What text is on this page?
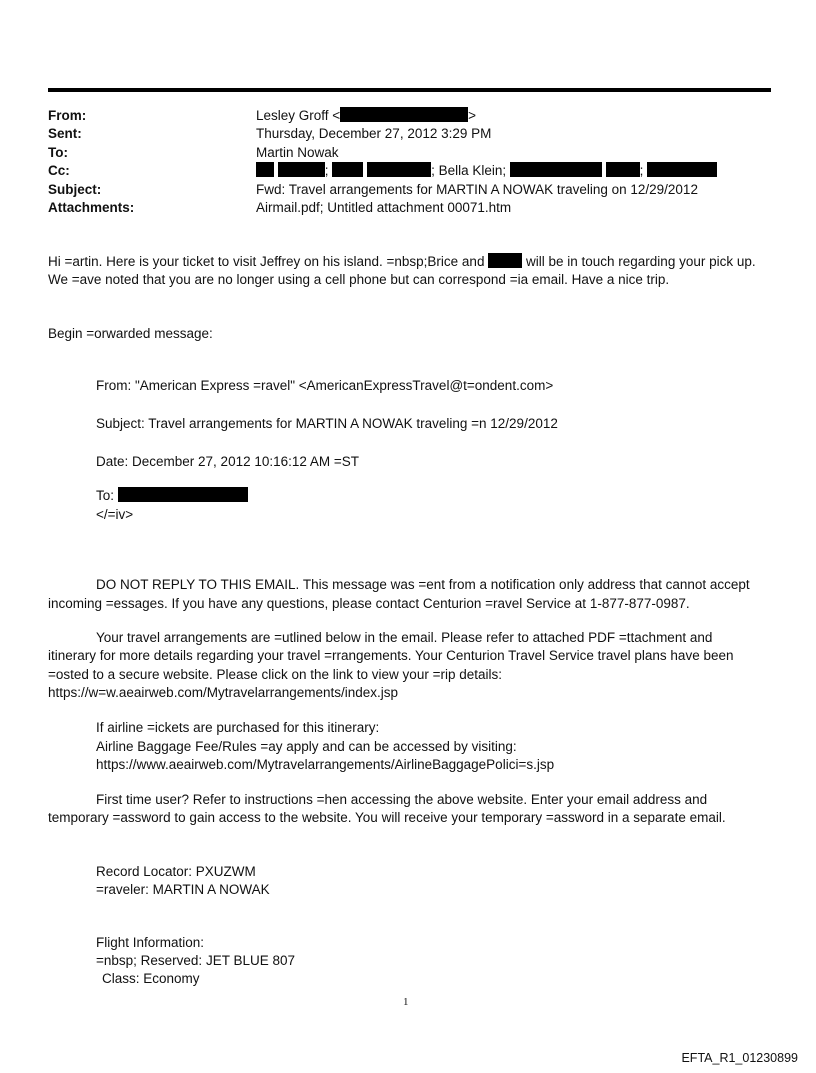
From:	Lesley Groff <	>
Sent:	Thursday, December 27, 2012 3:29 PM
To:	Martin Nowak
Cc:	;	; Bella Klein;	;
Subject:	Fwd: Travel arrangements for MARTIN A NOWAK traveling on 12/29/2012
Attachments:	Airmail.pdf; Untitled attachment 00071.htm
Hi =artin. Here is your ticket to visit Jeffrey on his island. =nbsp;Brice and	will be in touch regarding your pick up.
We =ave noted that you are no longer using a cell phone but can correspond =ia email. Have a nice trip.
Begin =orwarded message:
From: "American Express =ravel" <AmericanExpressTravel@t=ondent.com>
Subject: Travel arrangements for MARTIN A NOWAK traveling =n 12/29/2012
Date: December 27, 2012 10:16:12 AM =ST
To:
</=iv>
DO NOT REPLY TO THIS EMAIL. This message was =ent from a notification only address that cannot accept
incoming =essages. If you have any questions, please contact Centurion =ravel Service at 1-877-877-0987.
Your travel arrangements are =utlined below in the email. Please refer to attached PDF =ttachment and
itinerary for more details regarding your travel =rrangements. Your Centurion Travel Service travel plans have been
=osted to a secure website. Please click on the link to view your =rip details:
https://w=w.aeairweb.com/Mytravelarrangements/index.jsp
If airline =ickets are purchased for this itinerary:
Airline Baggage Fee/Rules =ay apply and can be accessed by visiting:
https://www.aeairweb.com/Mytravelarrangements/AirlineBaggagePolici=s.jsp
First time user? Refer to instructions =hen accessing the above website. Enter your email address and
temporary =assword to gain access to the website. You will receive your temporary =assword in a separate email.
Record Locator: PXUZWM
=raveler: MARTIN A NOWAK
Flight Information:
=nbsp; Reserved: JET BLUE 807
Class: Economy
1
EFTA_R1_01230899
